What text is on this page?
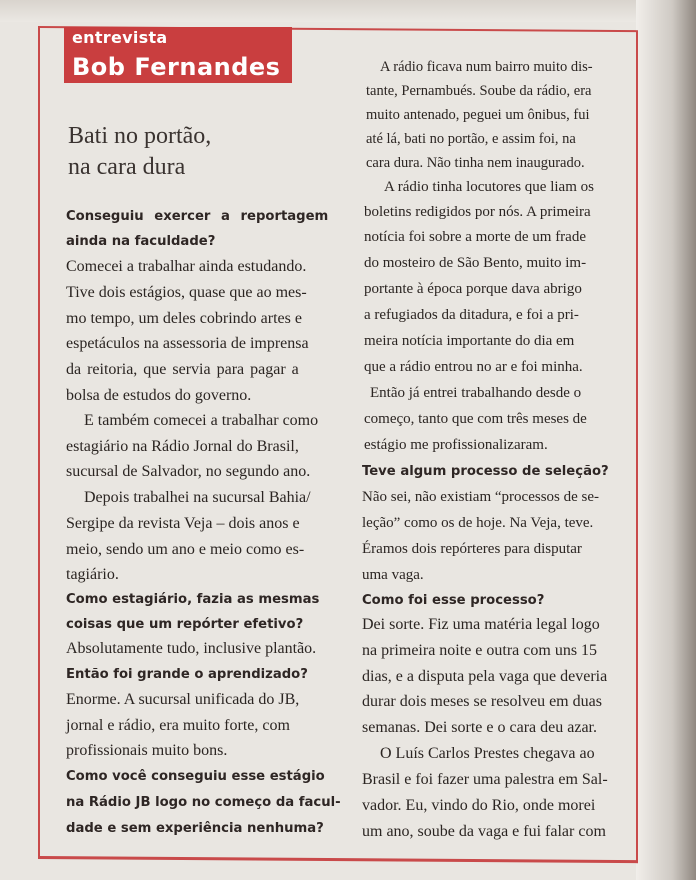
entrevista
Bob Fernandes
Bati no portão,
na cara dura
Conseguiu exercer a reportagem
ainda na faculdade?
Comecei a trabalhar ainda estudando.
Tive dois estágios, quase que ao mes-
mo tempo, um deles cobrindo artes e
espetáculos na assessoria de imprensa
da reitoria, que servia para pagar a
bolsa de estudos do governo.
E também comecei a trabalhar como
estagiário na Rádio Jornal do Brasil,
sucursal de Salvador, no segundo ano.
Depois trabalhei na sucursal Bahia/
Sergipe da revista Veja – dois anos e
meio, sendo um ano e meio como es-
tagiário.
Como estagiário, fazia as mesmas
coisas que um repórter efetivo?
Absolutamente tudo, inclusive plantão.
Então foi grande o aprendizado?
Enorme. A sucursal unificada do JB,
jornal e rádio, era muito forte, com
profissionais muito bons.
Como você conseguiu esse estágio
na Rádio JB logo no começo da facul-
dade e sem experiência nenhuma?
A rádio ficava num bairro muito dis-
tante, Pernambués. Soube da rádio, era
muito antenado, peguei um ônibus, fui
até lá, bati no portão, e assim foi, na
cara dura. Não tinha nem inaugurado.
A rádio tinha locutores que liam os
boletins redigidos por nós. A primeira
notícia foi sobre a morte de um frade
do mosteiro de São Bento, muito im-
portante à época porque dava abrigo
a refugiados da ditadura, e foi a pri-
meira notícia importante do dia em
que a rádio entrou no ar e foi minha.
Então já entrei trabalhando desde o
começo, tanto que com três meses de
estágio me profissionalizaram.
Teve algum processo de seleção?
Não sei, não existiam “processos de se-
leção” como os de hoje. Na Veja, teve.
Éramos dois repórteres para disputar
uma vaga.
Como foi esse processo?
Dei sorte. Fiz uma matéria legal logo
na primeira noite e outra com uns 15
dias, e a disputa pela vaga que deveria
durar dois meses se resolveu em duas
semanas. Dei sorte e o cara deu azar.
O Luís Carlos Prestes chegava ao
Brasil e foi fazer uma palestra em Sal-
vador. Eu, vindo do Rio, onde morei
um ano, soube da vaga e fui falar com
